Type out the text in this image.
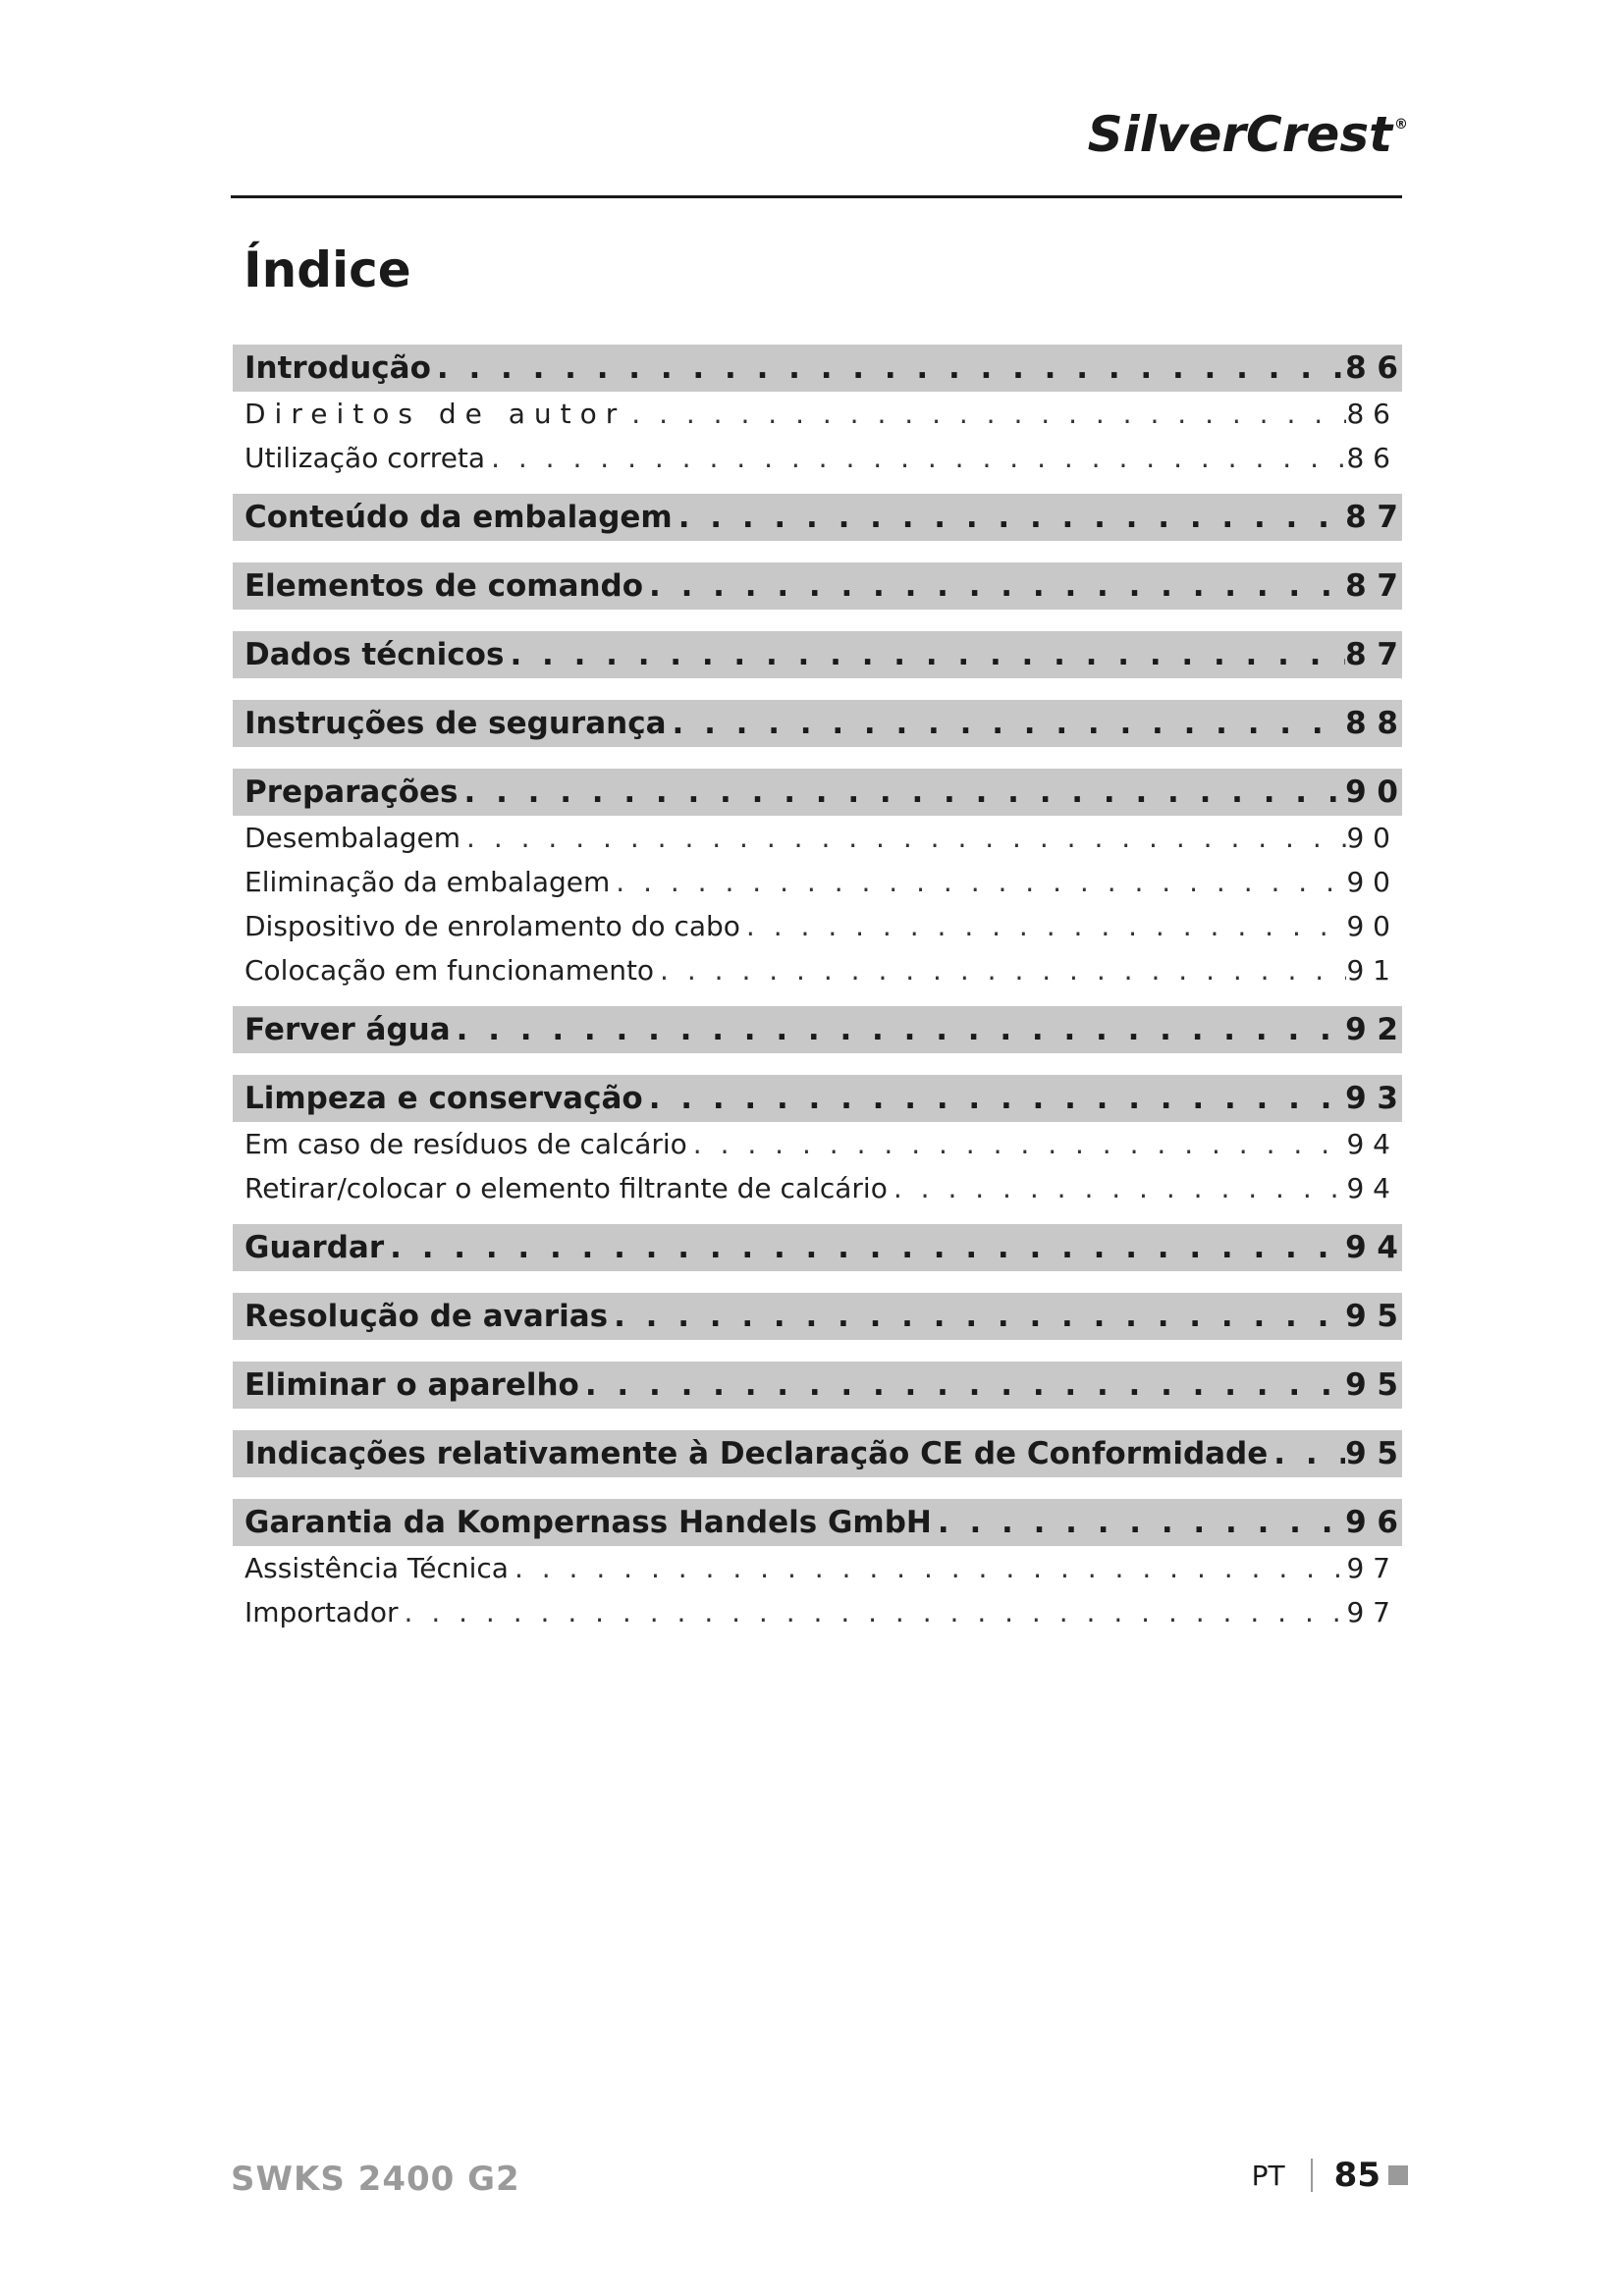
SilverCrest ®
Índice
Introdução . . .	8 6
Direitos de autor . . .	8 6
Utilização correta . . .	8 6
Conteúdo da embalagem . . .	8 7
Elementos de comando . . .	8 7
Dados técnicos . . .	8 7
Instruções de segurança . . .	8 8
Preparações . . .	9 0
Desembalagem . . .	9 0
Eliminação da embalagem . . .	9 0
Dispositivo de enrolamento do cabo . . .	9 0
Colocação em funcionamento . . .	9 1
Ferver água . . .	9 2
Limpeza e conservação . . .	9 3
Em caso de resíduos de calcário . . .	9 4
Retirar/colocar o elemento filtrante de calcário . . .	9 4
Guardar . . .	9 4
Resolução de avarias . . .	9 5
Eliminar o aparelho . . .	9 5
Indicações relativamente à Declaração CE de Conformidade . . .	9 5
Garantia da Kompernass Handels GmbH . . .	9 6
Assistência Técnica . . .	9 7
Importador . . .	9 7

SWKS 2400 G2	PT 85
